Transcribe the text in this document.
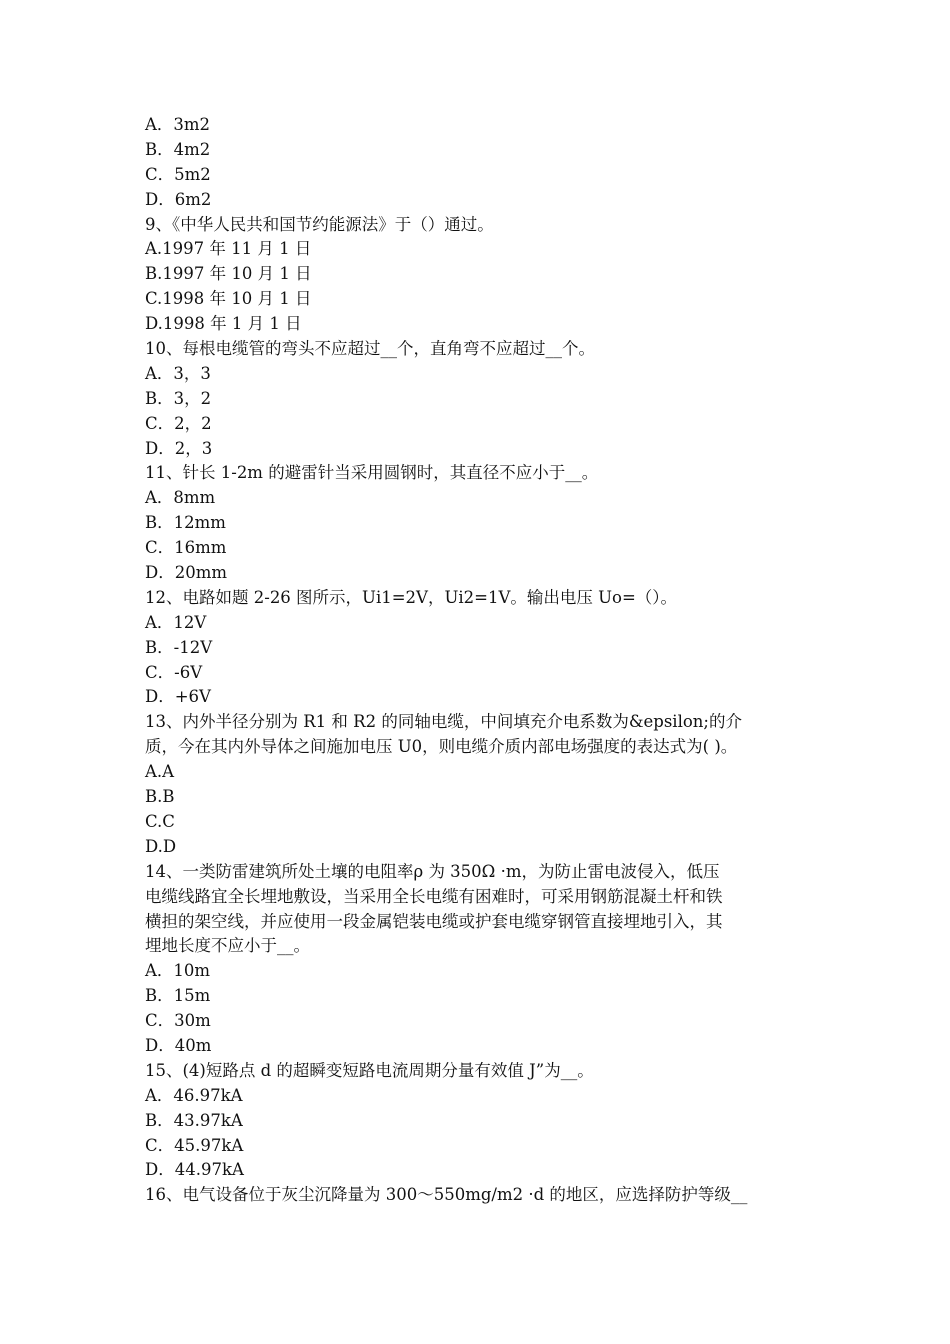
A．3m2
B．4m2
C．5m2
D．6m2
9、《中华人民共和国节约能源法》于（）通过。
A.1997 年 11 月 1 日
B.1997 年 10 月 1 日
C.1998 年 10 月 1 日
D.1998 年 1 月 1 日
10、每根电缆管的弯头不应超过__个，直角弯不应超过__个。
A．3，3
B．3，2
C．2，2
D．2，3
11、针长 1-2m 的避雷针当采用圆钢时，其直径不应小于__。
A．8mm
B．12mm
C．16mm
D．20mm
12、电路如题 2-26 图所示，Ui1=2V，Ui2=1V。输出电压 Uo=（）。
A．12V
B．-12V
C．-6V
D．+6V
13、内外半径分别为 R1 和 R2 的同轴电缆，中间填充介电系数为&epsilon;的介
质，今在其内外导体之间施加电压 U0，则电缆介质内部电场强度的表达式为( )。
A.A
B.B
C.C
D.D
14、一类防雷建筑所处土壤的电阻率ρ 为 350Ω ·m，为防止雷电波侵入，低压
电缆线路宜全长埋地敷设，当采用全长电缆有困难时，可采用钢筋混凝土杆和铁
横担的架空线，并应使用一段金属铠装电缆或护套电缆穿钢管直接埋地引入，其
埋地长度不应小于__。
A．10m
B．15m
C．30m
D．40m
15、(4)短路点 d 的超瞬变短路电流周期分量有效值 J”为__。
A．46.97kA
B．43.97kA
C．45.97kA
D．44.97kA
16、电气设备位于灰尘沉降量为 300～550mg/m2 ·d 的地区，应选择防护等级__
